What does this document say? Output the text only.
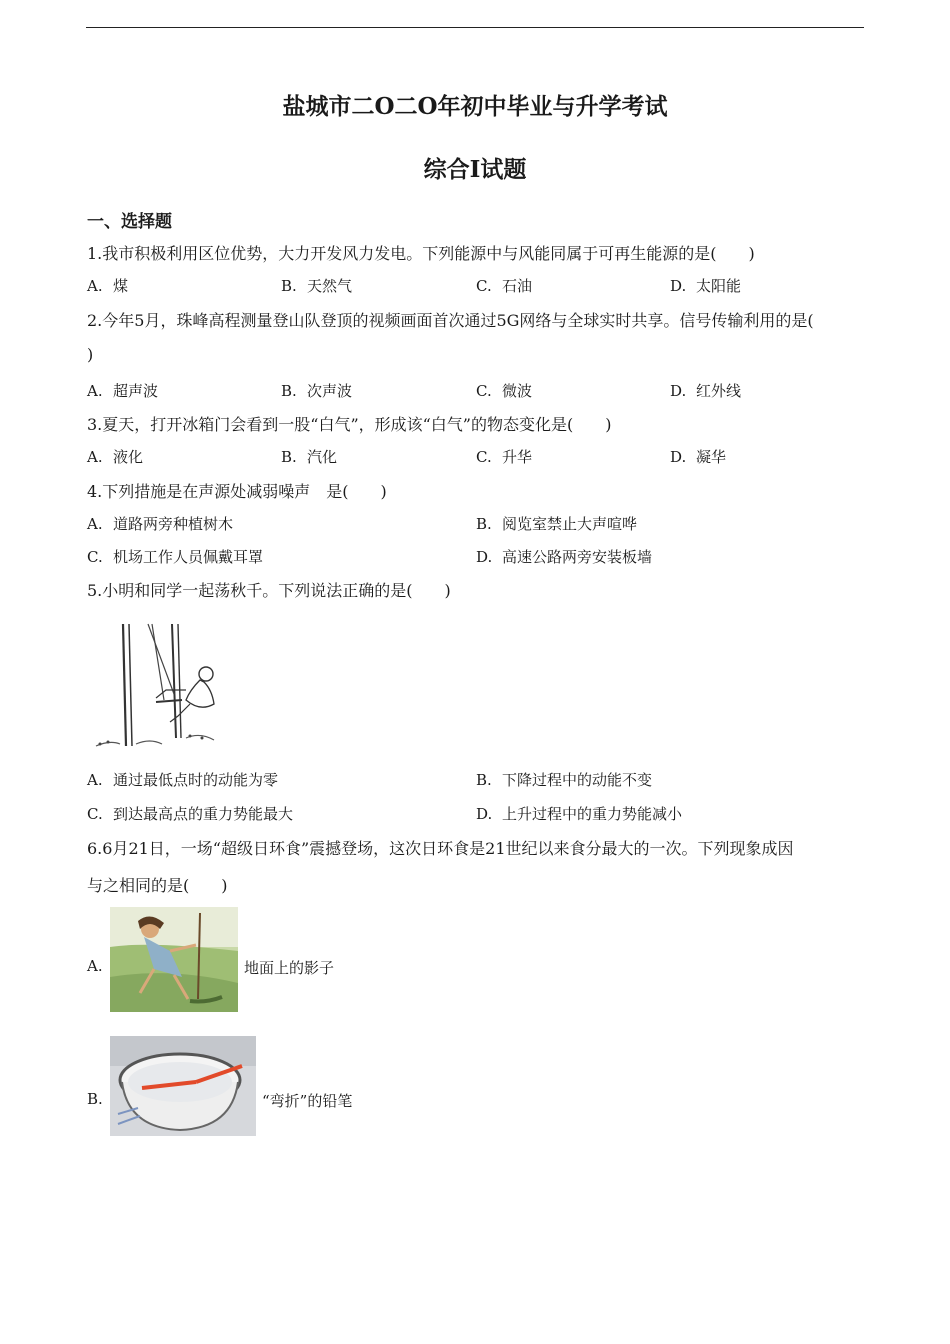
盐城市二O二O年初中毕业与升学考试
综合Ⅰ试题
一、选择题
1.我市积极利用区位优势，大力开发风力发电。下列能源中与风能同属于可再生能源的是(　　)
A. 煤	B. 天然气	C. 石油	D. 太阳能
2.今年5月，珠峰高程测量登山队登顶的视频画面首次通过5G网络与全球实时共享。信号传输利用的是(
)
A. 超声波	B. 次声波	C. 微波	D. 红外线
3.夏天，打开冰箱门会看到一股“白气”，形成该“白气”的物态变化是(　　)
A. 液化	B. 汽化	C. 升华	D. 凝华
4.下列措施是在声源处减弱噪声　是(　　)
A. 道路两旁种植树木	B. 阅览室禁止大声喧哗
C. 机场工作人员佩戴耳罩	D. 高速公路两旁安装板墙
5.小明和同学一起荡秋千。下列说法正确的是(　　)
A. 通过最低点时的动能为零	B. 下降过程中的动能不变
C. 到达最高点的重力势能最大	D. 上升过程中的重力势能减小
6.6月21日，一场“超级日环食”震撼登场，这次日环食是21世纪以来食分最大的一次。下列现象成因
与之相同的是(　　)
A.	地面上的影子
B.	“弯折”的铅笔
